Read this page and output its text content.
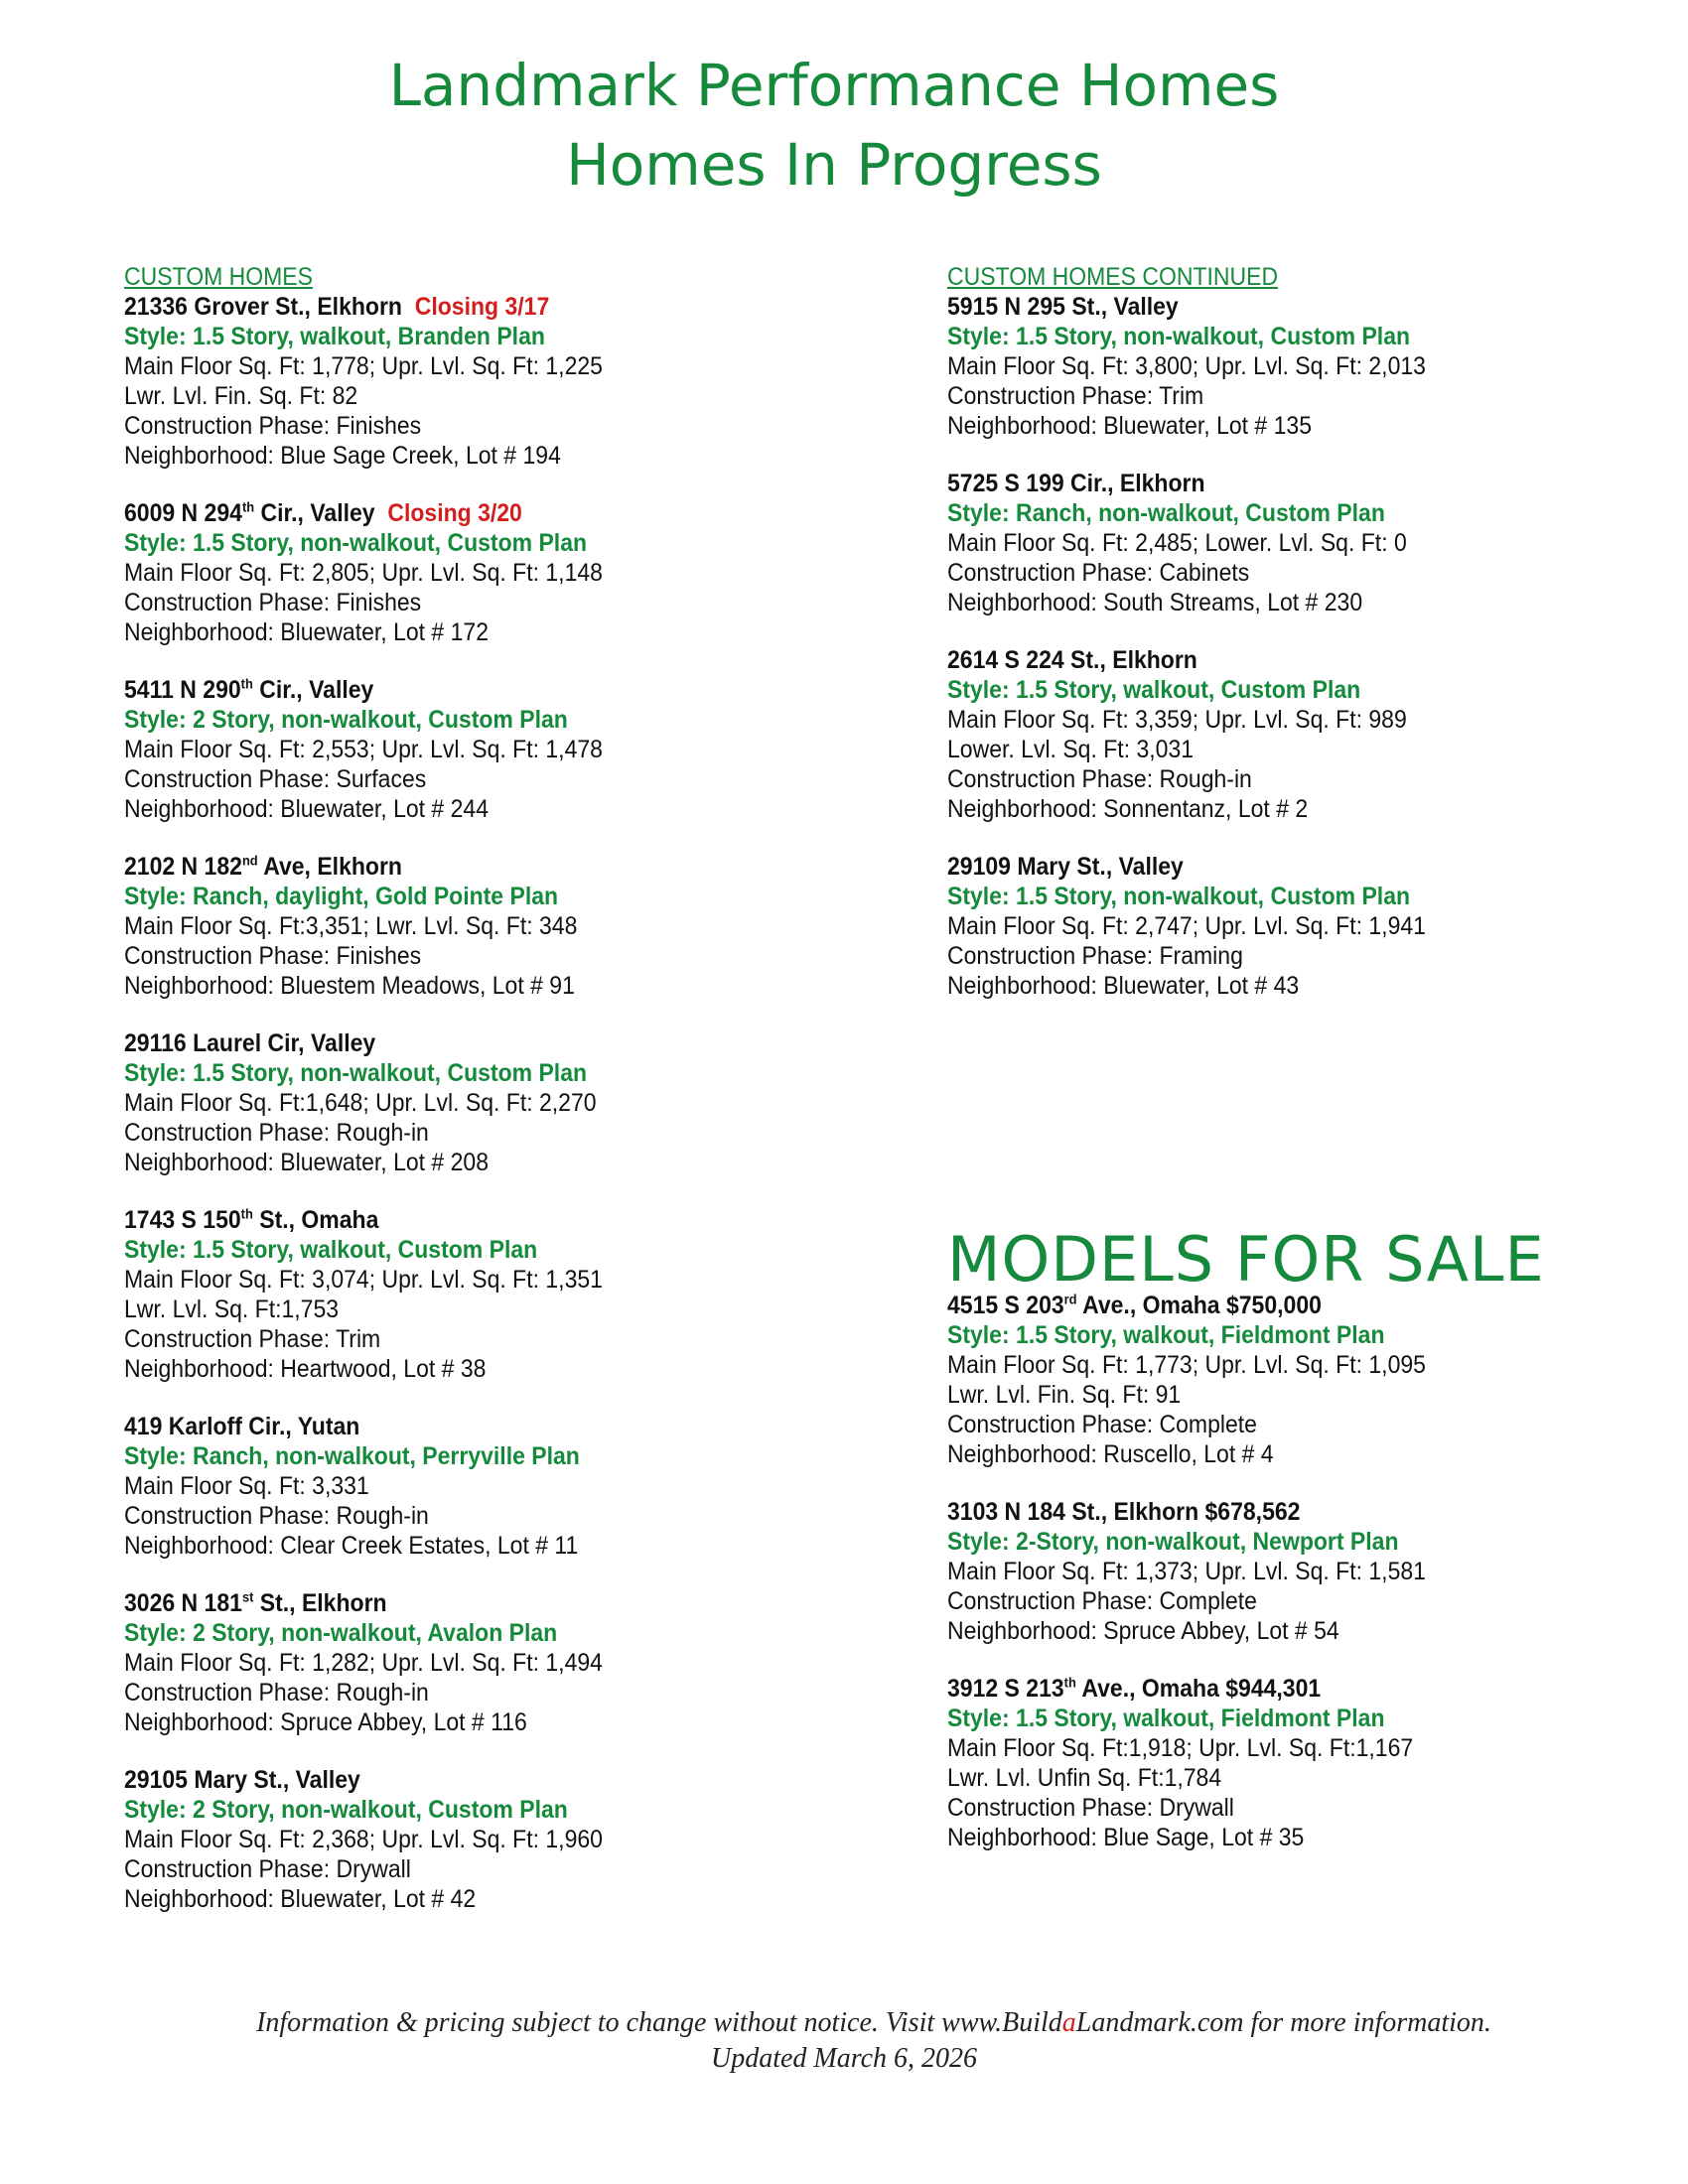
Landmark Performance Homes
Homes In Progress
CUSTOM HOMES
21336 Grover St., Elkhorn Closing 3/17
Style: 1.5 Story, walkout, Branden Plan
Main Floor Sq. Ft: 1,778; Upr. Lvl. Sq. Ft: 1,225
Lwr. Lvl. Fin. Sq. Ft: 82
Construction Phase: Finishes
Neighborhood: Blue Sage Creek, Lot # 194
6009 N 294th Cir., Valley Closing 3/20
Style: 1.5 Story, non-walkout, Custom Plan
Main Floor Sq. Ft: 2,805; Upr. Lvl. Sq. Ft: 1,148
Construction Phase: Finishes
Neighborhood: Bluewater, Lot # 172
5411 N 290th Cir., Valley
Style: 2 Story, non-walkout, Custom Plan
Main Floor Sq. Ft: 2,553; Upr. Lvl. Sq. Ft: 1,478
Construction Phase: Surfaces
Neighborhood: Bluewater, Lot # 244
2102 N 182nd Ave, Elkhorn
Style: Ranch, daylight, Gold Pointe Plan
Main Floor Sq. Ft:3,351; Lwr. Lvl. Sq. Ft: 348
Construction Phase: Finishes
Neighborhood: Bluestem Meadows, Lot # 91
29116 Laurel Cir, Valley
Style: 1.5 Story, non-walkout, Custom Plan
Main Floor Sq. Ft:1,648; Upr. Lvl. Sq. Ft: 2,270
Construction Phase: Rough-in
Neighborhood: Bluewater, Lot # 208
1743 S 150th St., Omaha
Style: 1.5 Story, walkout, Custom Plan
Main Floor Sq. Ft: 3,074; Upr. Lvl. Sq. Ft: 1,351
Lwr. Lvl. Sq. Ft:1,753
Construction Phase: Trim
Neighborhood: Heartwood, Lot # 38
419 Karloff Cir., Yutan
Style: Ranch, non-walkout, Perryville Plan
Main Floor Sq. Ft: 3,331
Construction Phase: Rough-in
Neighborhood: Clear Creek Estates, Lot # 11
3026 N 181st St., Elkhorn
Style: 2 Story, non-walkout, Avalon Plan
Main Floor Sq. Ft: 1,282; Upr. Lvl. Sq. Ft: 1,494
Construction Phase: Rough-in
Neighborhood: Spruce Abbey, Lot # 116
29105 Mary St., Valley
Style: 2 Story, non-walkout, Custom Plan
Main Floor Sq. Ft: 2,368; Upr. Lvl. Sq. Ft: 1,960
Construction Phase: Drywall
Neighborhood: Bluewater, Lot # 42
CUSTOM HOMES CONTINUED
5915 N 295 St., Valley
Style: 1.5 Story, non-walkout, Custom Plan
Main Floor Sq. Ft: 3,800; Upr. Lvl. Sq. Ft: 2,013
Construction Phase: Trim
Neighborhood: Bluewater, Lot # 135
5725 S 199 Cir., Elkhorn
Style: Ranch, non-walkout, Custom Plan
Main Floor Sq. Ft: 2,485; Lower. Lvl. Sq. Ft: 0
Construction Phase: Cabinets
Neighborhood: South Streams, Lot # 230
2614 S 224 St., Elkhorn
Style: 1.5 Story, walkout, Custom Plan
Main Floor Sq. Ft: 3,359; Upr. Lvl. Sq. Ft: 989
Lower. Lvl. Sq. Ft: 3,031
Construction Phase: Rough-in
Neighborhood: Sonnentanz, Lot # 2
29109 Mary St., Valley
Style: 1.5 Story, non-walkout, Custom Plan
Main Floor Sq. Ft: 2,747; Upr. Lvl. Sq. Ft: 1,941
Construction Phase: Framing
Neighborhood: Bluewater, Lot # 43
MODELS FOR SALE
4515 S 203rd Ave., Omaha $750,000
Style: 1.5 Story, walkout, Fieldmont Plan
Main Floor Sq. Ft: 1,773; Upr. Lvl. Sq. Ft: 1,095
Lwr. Lvl. Fin. Sq. Ft: 91
Construction Phase: Complete
Neighborhood: Ruscello, Lot # 4
3103 N 184 St., Elkhorn $678,562
Style: 2-Story, non-walkout, Newport Plan
Main Floor Sq. Ft: 1,373; Upr. Lvl. Sq. Ft: 1,581
Construction Phase: Complete
Neighborhood: Spruce Abbey, Lot # 54
3912 S 213th Ave., Omaha $944,301
Style: 1.5 Story, walkout, Fieldmont Plan
Main Floor Sq. Ft:1,918; Upr. Lvl. Sq. Ft:1,167
Lwr. Lvl. Unfin Sq. Ft:1,784
Construction Phase: Drywall
Neighborhood: Blue Sage, Lot # 35
Information & pricing subject to change without notice. Visit www.BuildaLandmark.com for more information.
Updated March 6, 2026
